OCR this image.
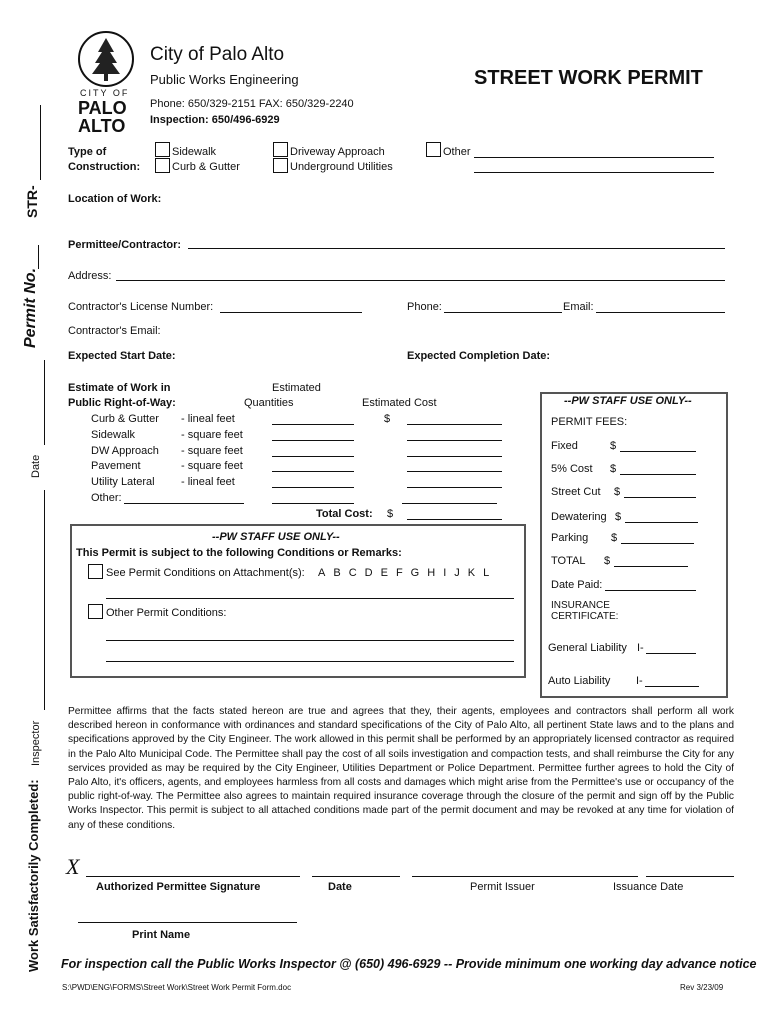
CITY OF
PALO
ALTO
City of Palo Alto
Public Works Engineering
Phone: 650/329-2151 FAX: 650/329-2240
Inspection: 650/496-6929
STREET WORK PERMIT
Permit No.
STR-
Date
Work Satisfactorily Completed:
Inspector
Type of
Construction:
Sidewalk
Curb & Gutter
Driveway Approach
Underground Utilities
Other
Location of Work:
Permittee/Contractor:
Address:
Contractor's License Number:	Phone:	Email:
Contractor's Email:
Expected Start Date:	Expected Completion Date:
Estimate of Work in
Public Right-of-Way:
Estimated
Quantities	Estimated Cost
Curb & Gutter - lineal feet	$
Sidewalk	- square feet
DW Approach - square feet
Pavement	- square feet
Utility Lateral - lineal feet
Other:
Total Cost: $
--PW STAFF USE ONLY--
PERMIT FEES:
Fixed	$
5% Cost $
Street Cut $
Dewatering $
Parking $
TOTAL $
Date Paid:
INSURANCE
CERTIFICATE:
General Liability I-
Auto Liability I-
--PW STAFF USE ONLY--
This Permit is subject to the following Conditions or Remarks:
See Permit Conditions on Attachment(s): A B C D E F G H I J K L
Other Permit Conditions:
Permittee affirms that the facts stated hereon are true and agrees that they, their agents, employees and contractors shall perform all work described hereon in conformance with ordinances and standard specifications of the City of Palo Alto, all pertinent State laws and to the plans and specifications approved by the City Engineer. The work allowed in this permit shall be performed by an appropriately licensed contractor as required in the Palo Alto Municipal Code. The Permittee shall pay the cost of all soils investigation and compaction tests, and shall reimburse the City for any services provided as may be required by the City Engineer, Utilities Department or Police Department. Permittee further agrees to hold the City of Palo Alto, it's officers, agents, and employees harmless from all costs and damages which might arise from the Permittee's use or occupancy of the public right-of-way. The Permittee also agrees to maintain required insurance coverage through the closure of the permit and sign off by the Public Works Inspector. This permit is subject to all attached conditions made part of the permit document and may be revoked at any time for violation of any of these conditions.
X
Authorized Permittee Signature	Date	Permit Issuer	Issuance Date
Print Name
For inspection call the Public Works Inspector @ (650) 496-6929 -- Provide minimum one working day advance notice
S:\PWD\ENG\FORMS\Street Work\Street Work Permit Form.doc	Rev 3/23/09
